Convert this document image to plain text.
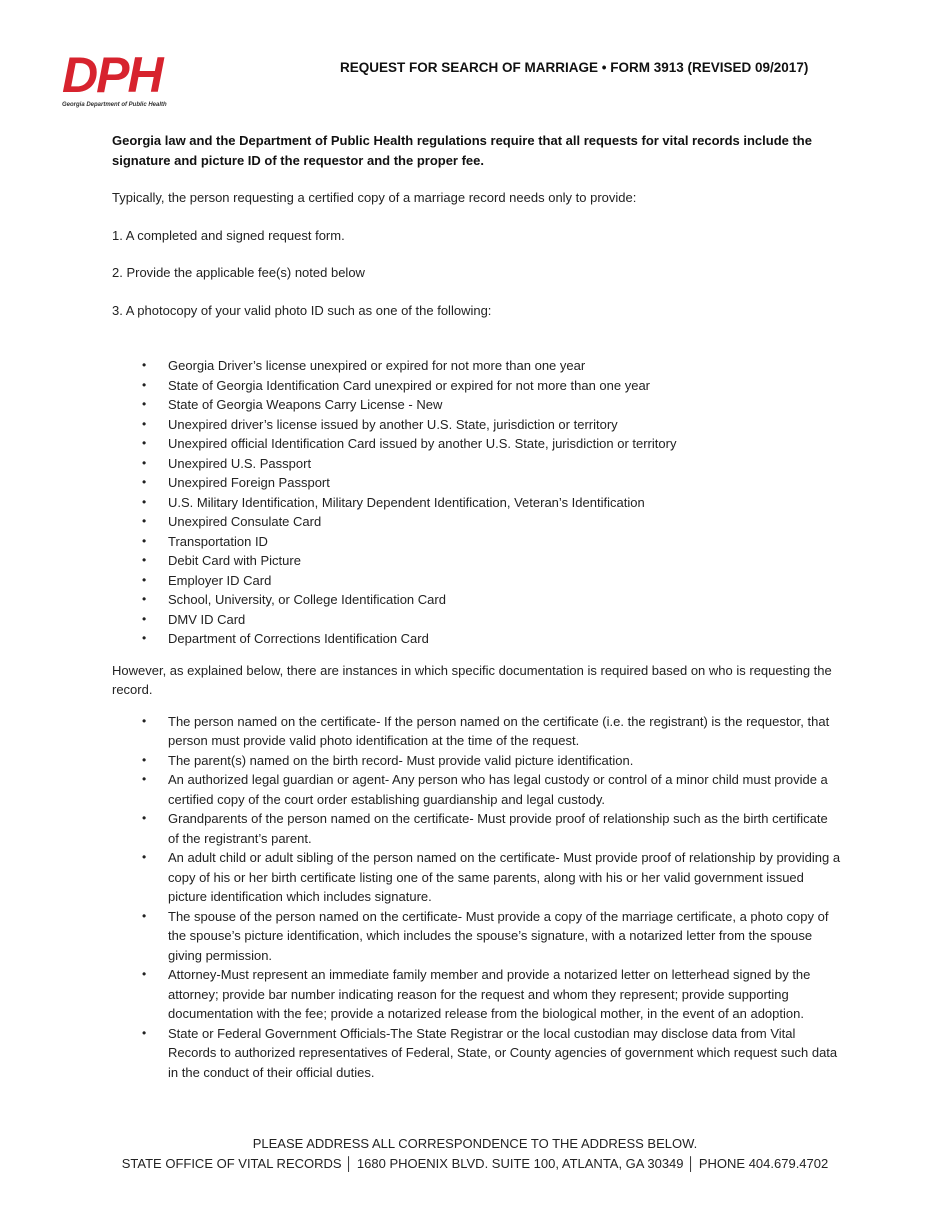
DPH
Georgia Department of Public Health
REQUEST FOR SEARCH OF MARRIAGE • FORM 3913 (REVISED 09/2017)

Georgia law and the Department of Public Health regulations require that all requests for vital records include the signature and picture ID of the requestor and the proper fee.

Typically, the person requesting a certified copy of a marriage record needs only to provide:

1. A completed and signed request form.

2. Provide the applicable fee(s) noted below

3. A photocopy of your valid photo ID such as one of the following:

• Georgia Driver’s license unexpired or expired for not more than one year
• State of Georgia Identification Card unexpired or expired for not more than one year
• State of Georgia Weapons Carry License - New
• Unexpired driver’s license issued by another U.S. State, jurisdiction or territory
• Unexpired official Identification Card issued by another U.S. State, jurisdiction or territory
• Unexpired U.S. Passport
• Unexpired Foreign Passport
• U.S. Military Identification, Military Dependent Identification, Veteran’s Identification
• Unexpired Consulate Card
• Transportation ID
• Debit Card with Picture
• Employer ID Card
• School, University, or College Identification Card
• DMV ID Card
• Department of Corrections Identification Card

However, as explained below, there are instances in which specific documentation is required based on who is requesting the record.

• The person named on the certificate- If the person named on the certificate (i.e. the registrant) is the requestor, that person must provide valid photo identification at the time of the request.
• The parent(s) named on the birth record- Must provide valid picture identification.
• An authorized legal guardian or agent- Any person who has legal custody or control of a minor child must provide a certified copy of the court order establishing guardianship and legal custody.
• Grandparents of the person named on the certificate- Must provide proof of relationship such as the birth certificate of the registrant’s parent.
• An adult child or adult sibling of the person named on the certificate- Must provide proof of relationship by providing a copy of his or her birth certificate listing one of the same parents, along with his or her valid government issued picture identification which includes signature.
• The spouse of the person named on the certificate- Must provide a copy of the marriage certificate, a photo copy of the spouse’s picture identification, which includes the spouse’s signature, with a notarized letter from the spouse giving permission.
• Attorney-Must represent an immediate family member and provide a notarized letter on letterhead signed by the attorney; provide bar number indicating reason for the request and whom they represent; provide supporting documentation with the fee; provide a notarized release from the biological mother, in the event of an adoption.
• State or Federal Government Officials-The State Registrar or the local custodian may disclose data from Vital Records to authorized representatives of Federal, State, or County agencies of government which request such data in the conduct of their official duties.
PLEASE ADDRESS ALL CORRESPONDENCE TO THE ADDRESS BELOW.
STATE OFFICE OF VITAL RECORDS │ 1680 PHOENIX BLVD. SUITE 100, ATLANTA, GA 30349 │ PHONE 404.679.4702
